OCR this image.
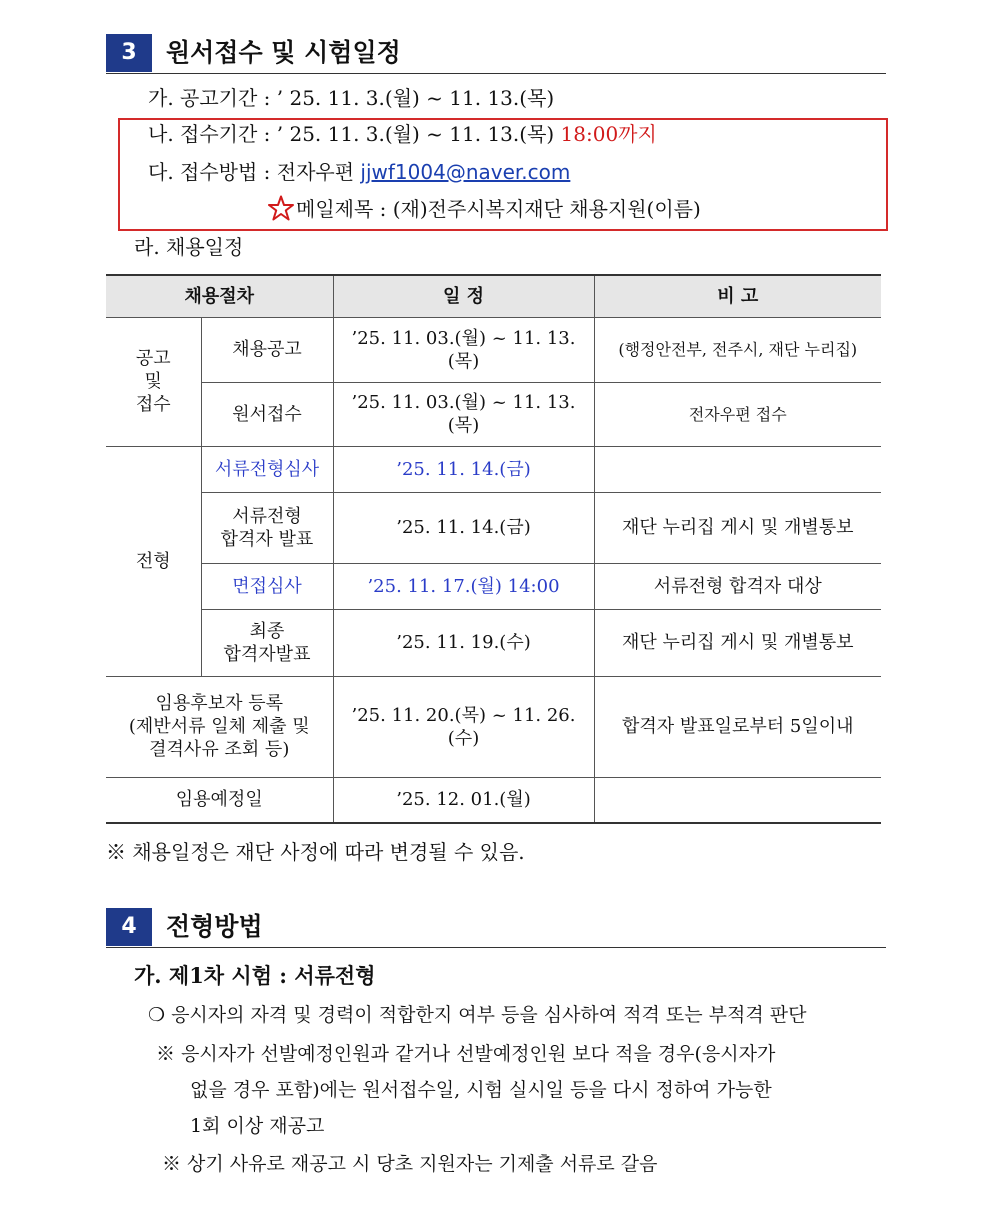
3	원서접수 및 시험일정
가. 공고기간 : ’ 25. 11. 3.(월) ~ 11. 13.(목)
나. 접수기간 : ’ 25. 11. 3.(월) ~ 11. 13.(목) 18:00까지
다. 접수방법 : 전자우편 jjwf1004@naver.com
메일제목 : (재)전주시복지재단 채용지원(이름)
라. 채용일정
채용절차		일 정	비 고
공고
및
접수	채용공고	’25. 11. 03.(월) ~ 11. 13.(목)	(행정안전부, 전주시, 재단 누리집)
	원서접수	’25. 11. 03.(월) ~ 11. 13.(목)	전자우편 접수
전형	서류전형심사	’25. 11. 14.(금)	
	서류전형
합격자 발표	’25. 11. 14.(금)	재단 누리집 게시 및 개별통보
	면접심사	’25. 11. 17.(월) 14:00	서류전형 합격자 대상
	최종
합격자발표	’25. 11. 19.(수)	재단 누리집 게시 및 개별통보
임용후보자 등록
(제반서류 일체 제출 및
결격사유 조회 등)		’25. 11. 20.(목) ~ 11. 26.(수)	합격자 발표일로부터 5일이내
임용예정일		’25. 12. 01.(월)	
※ 채용일정은 재단 사정에 따라 변경될 수 있음.
4	전형방법
가. 제1차 시험 : 서류전형
❍ 응시자의 자격 및 경력이 적합한지 여부 등을 심사하여 적격 또는 부적격 판단
※ 응시자가 선발예정인원과 같거나 선발예정인원 보다 적을 경우(응시자가
없을 경우 포함)에는 원서접수일, 시험 실시일 등을 다시 정하여 가능한
1회 이상 재공고
※ 상기 사유로 재공고 시 당초 지원자는 기제출 서류로 갈음
